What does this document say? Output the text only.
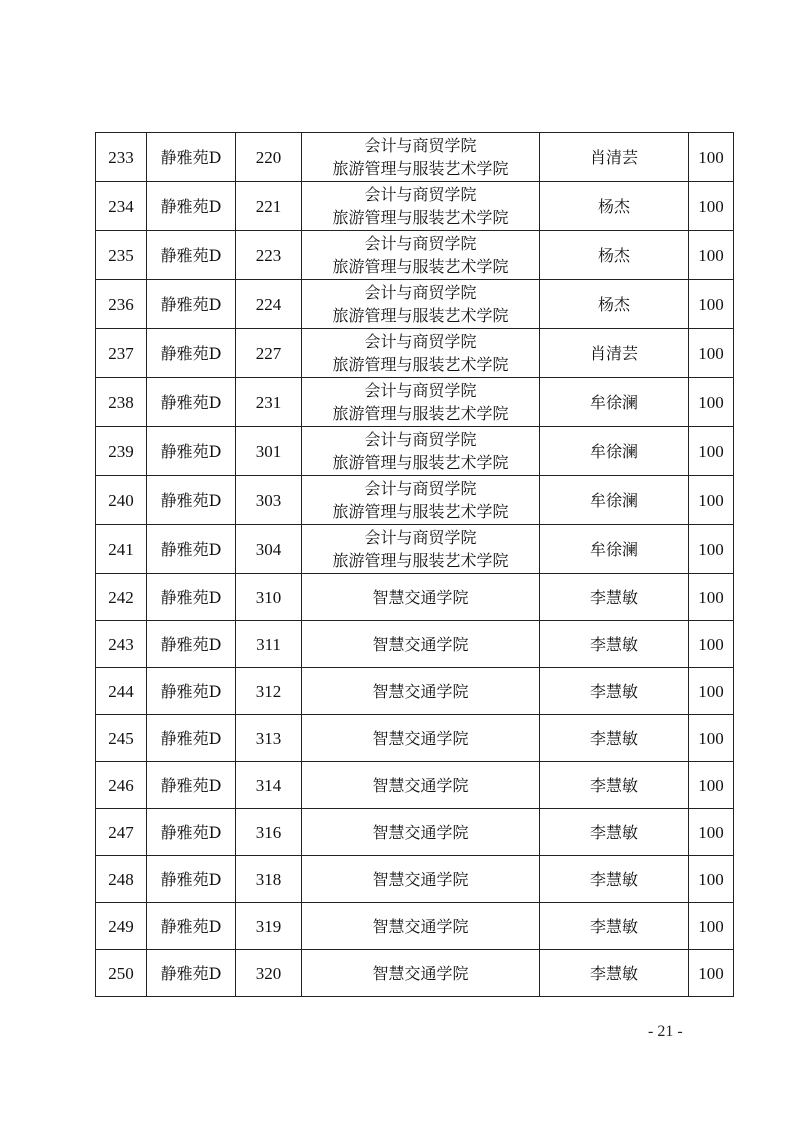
233	静雅苑D	220	会计与商贸学院
旅游管理与服装艺术学院	肖清芸	100
234	静雅苑D	221	会计与商贸学院
旅游管理与服装艺术学院	杨杰	100
235	静雅苑D	223	会计与商贸学院
旅游管理与服装艺术学院	杨杰	100
236	静雅苑D	224	会计与商贸学院
旅游管理与服装艺术学院	杨杰	100
237	静雅苑D	227	会计与商贸学院
旅游管理与服装艺术学院	肖清芸	100
238	静雅苑D	231	会计与商贸学院
旅游管理与服装艺术学院	牟徐澜	100
239	静雅苑D	301	会计与商贸学院
旅游管理与服装艺术学院	牟徐澜	100
240	静雅苑D	303	会计与商贸学院
旅游管理与服装艺术学院	牟徐澜	100
241	静雅苑D	304	会计与商贸学院
旅游管理与服装艺术学院	牟徐澜	100
242	静雅苑D	310	智慧交通学院	李慧敏	100
243	静雅苑D	311	智慧交通学院	李慧敏	100
244	静雅苑D	312	智慧交通学院	李慧敏	100
245	静雅苑D	313	智慧交通学院	李慧敏	100
246	静雅苑D	314	智慧交通学院	李慧敏	100
247	静雅苑D	316	智慧交通学院	李慧敏	100
248	静雅苑D	318	智慧交通学院	李慧敏	100
249	静雅苑D	319	智慧交通学院	李慧敏	100
250	静雅苑D	320	智慧交通学院	李慧敏	100
- 21 -
